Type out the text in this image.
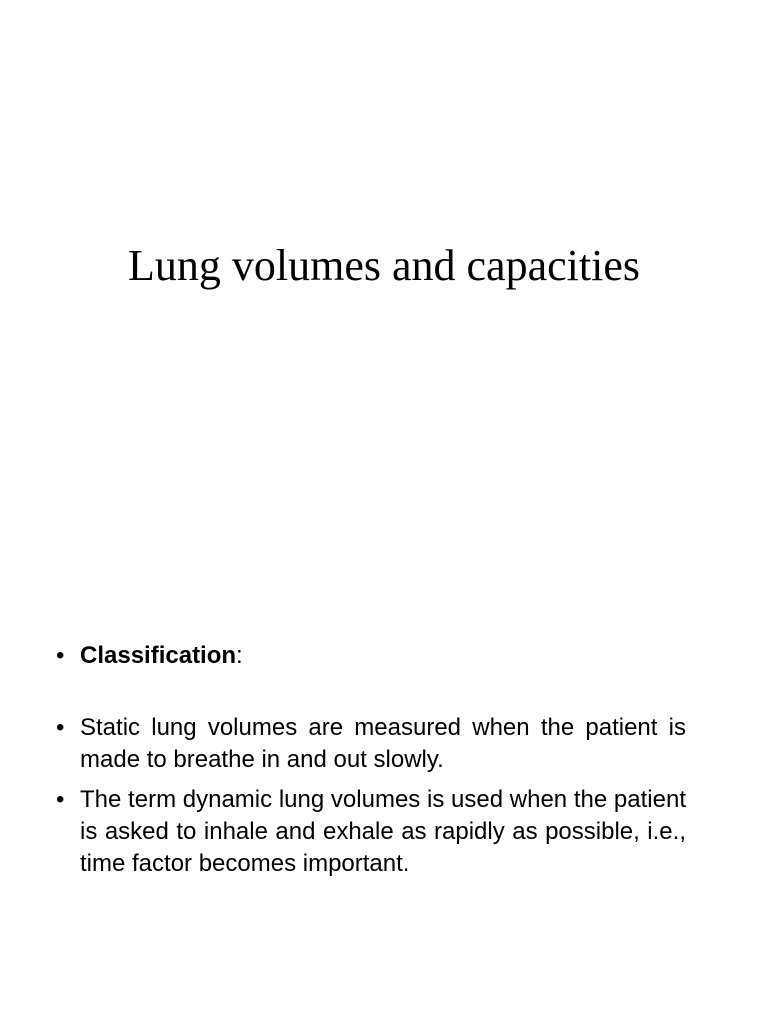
Lung volumes and capacities
• Classification:
• Static lung volumes are measured when the patient is made to breathe in and out slowly.
• The term dynamic lung volumes is used when the patient is asked to inhale and exhale as rapidly as possible, i.e., time factor becomes important.
